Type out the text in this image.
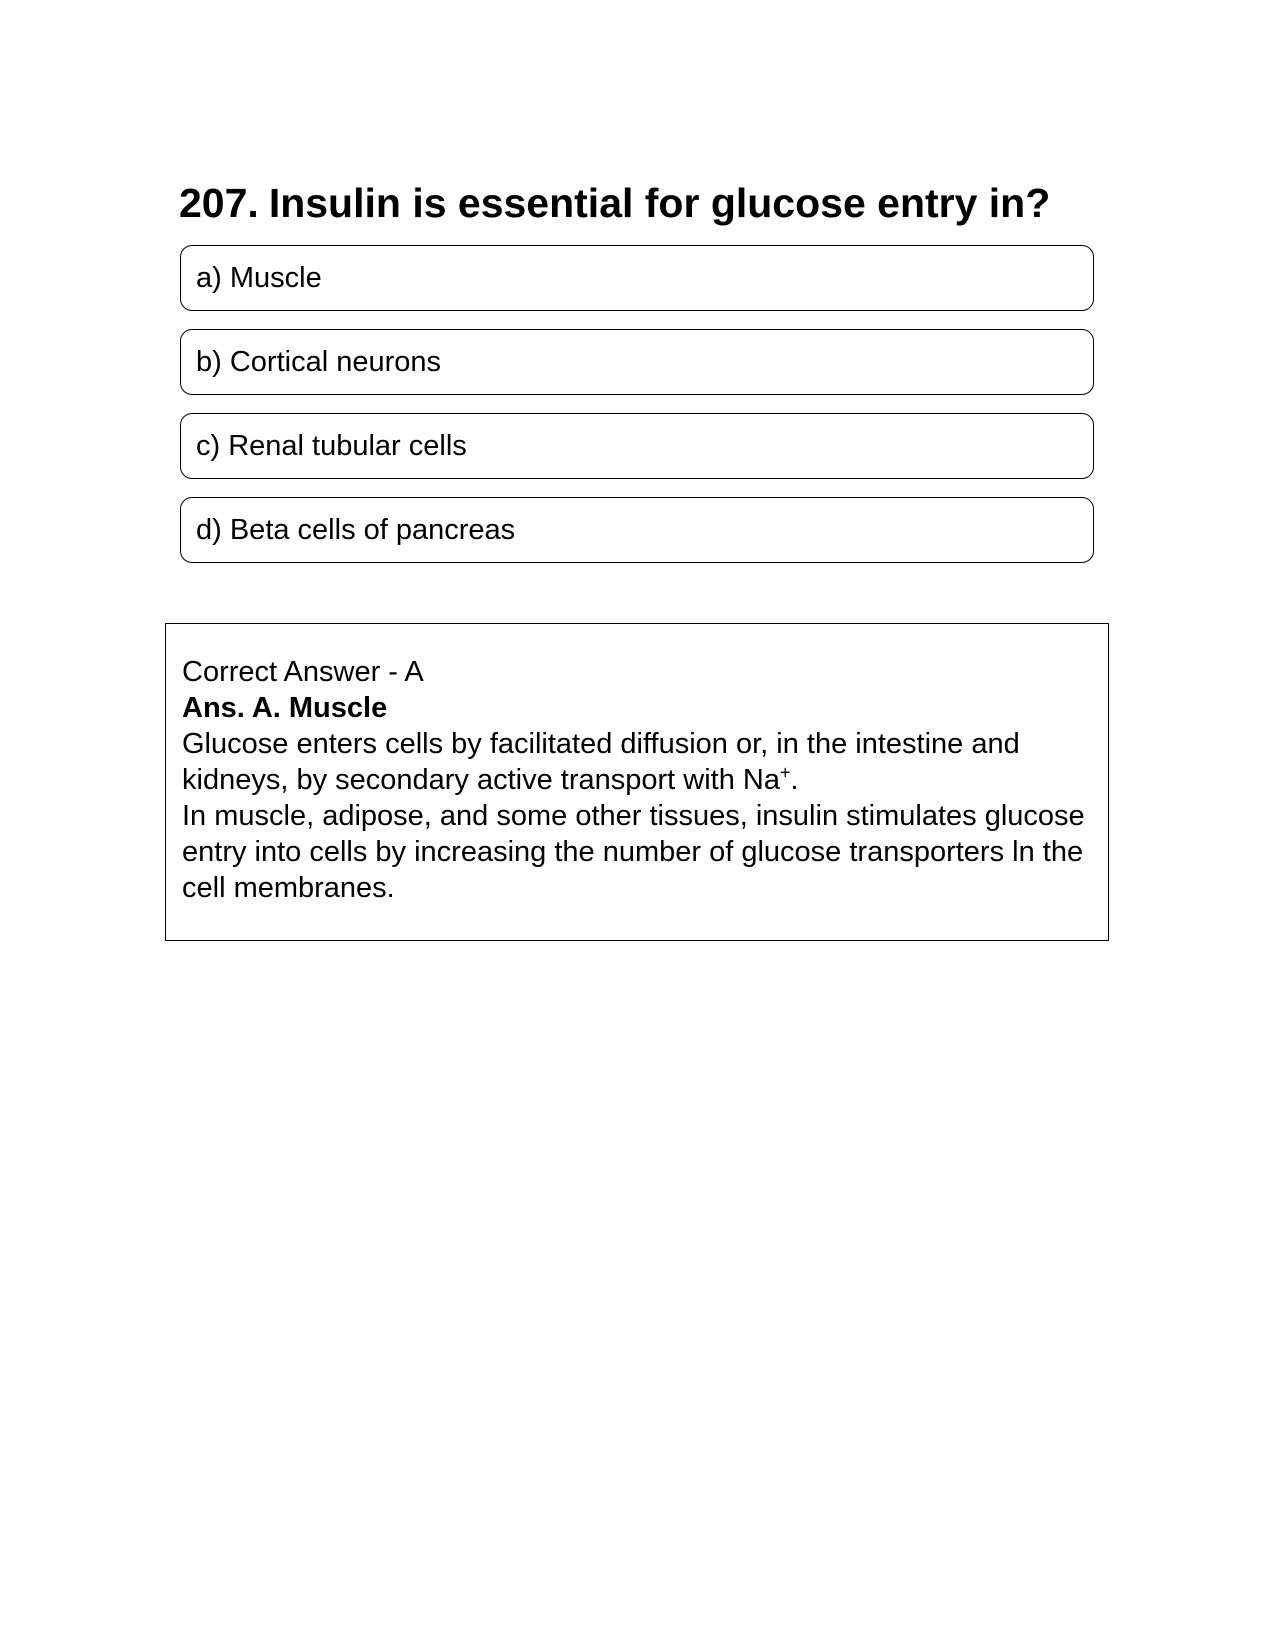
207. Insulin is essential for glucose entry in?
a) Muscle
b) Cortical neurons
c) Renal tubular cells
d) Beta cells of pancreas

Correct Answer - A

Ans. A. Muscle

Glucose enters cells by facilitated diffusion or, in the intestine and kidneys, by secondary active transport with Na+.

In muscle, adipose, and some other tissues, insulin stimulates glucose entry into cells by increasing the number of glucose transporters ln the cell membranes.
